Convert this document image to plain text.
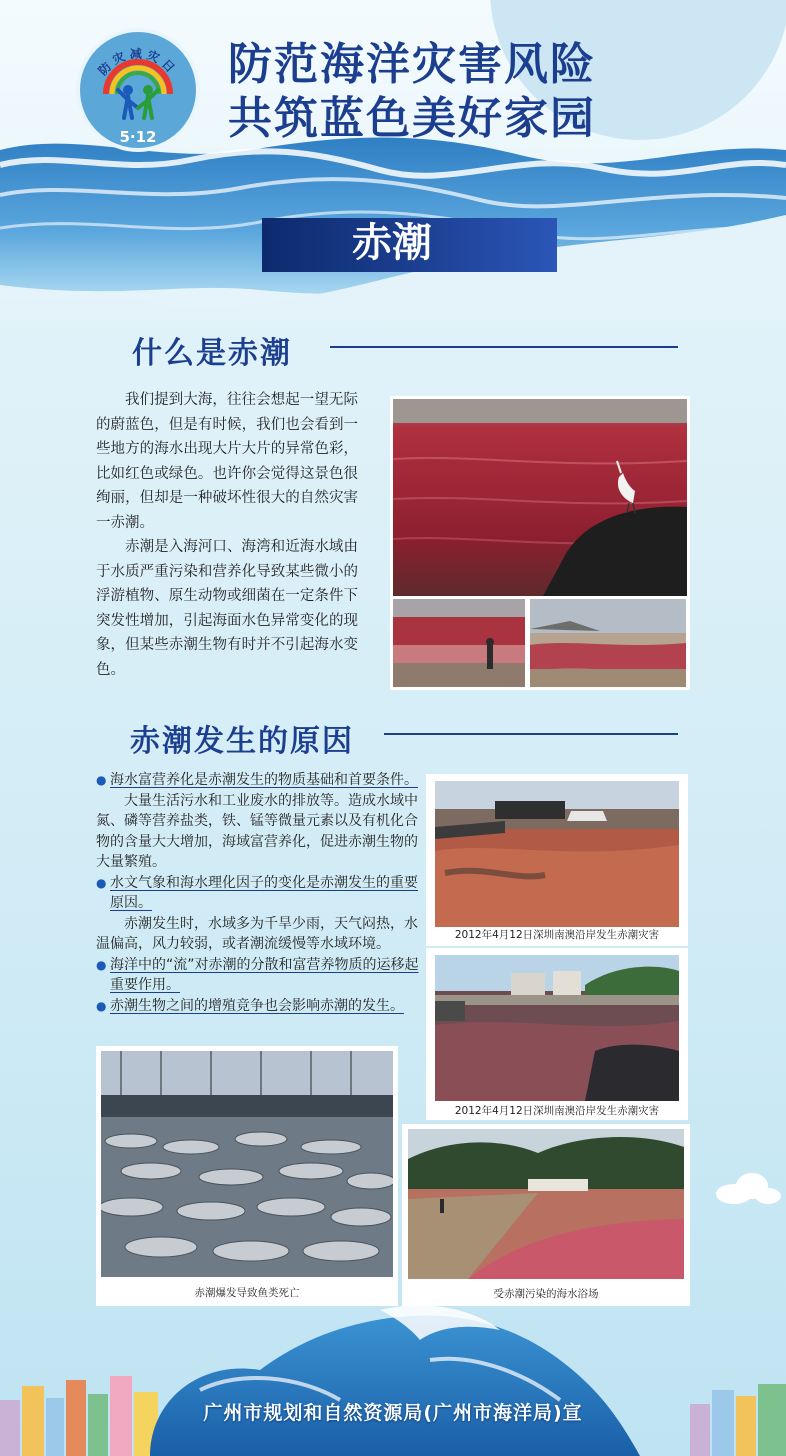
防灾减灾日
5·12
防范海洋灾害风险
共筑蓝色美好家园
赤潮
什么是赤潮

我们提到大海，往往会想起一望无际的蔚蓝色，但是有时候，我们也会看到一些地方的海水出现大片大片的异常色彩，比如红色或绿色。也许你会觉得这景色很绚丽，但却是一种破坏性很大的自然灾害一赤潮。

赤潮是入海河口、海湾和近海水域由于水质严重污染和营养化导致某些微小的浮游植物、原生动物或细菌在一定条件下突发性增加，引起海面水色异常变化的现象，但某些赤潮生物有时并不引起海水变色。

赤潮发生的原因
● 海水富营养化是赤潮发生的物质基础和首要条件。
大量生活污水和工业废水的排放等。造成水域中氮、磷等营养盐类，铁、锰等微量元素以及有机化合物的含量大大增加，海域富营养化，促进赤潮生物的大量繁殖。
● 水文气象和海水理化因子的变化是赤潮发生的重要原因。
赤潮发生时，水域多为千旱少雨，天气闷热，水温偏高，风力较弱，或者潮流缓慢等水域环境。
● 海洋中的“流”对赤潮的分散和富营养物质的运移起重要作用。
● 赤潮生物之间的增殖竞争也会影响赤潮的发生。
2012年4月12日深圳南澳沿岸发生赤潮灾害
2012年4月12日深圳南澳沿岸发生赤潮灾害
赤潮爆发导致鱼类死亡	受赤潮污染的海水浴场
广州市规划和自然资源局(广州市海洋局)宣
